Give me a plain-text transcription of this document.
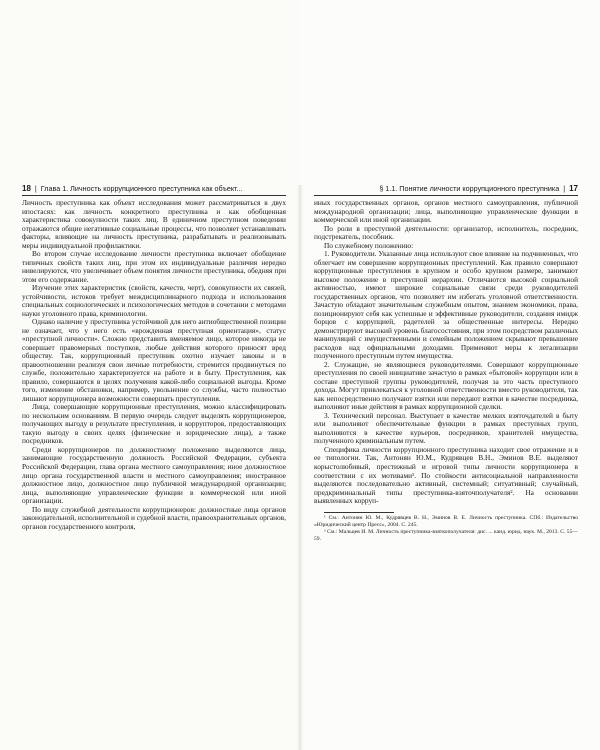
18 | Глава 1. Личность коррупционного преступника как объект...

Личность преступника как объект исследования может рассматриваться в двух ипостасях: как личность конкретного преступника и как обобщенная характеристика совокупности таких лиц. В единичном преступном поведении отражаются общие негативные социальные процессы, что позволяет устанавливать факторы, влияющие на личность преступника, разрабатывать и реализовывать меры индивидуальной профилактики.

Во втором случае исследование личности преступника включает обобщение типичных свойств таких лиц, при этом их индивидуальные различия нередко нивелируются, что увеличивает объем понятия личности преступника, обедняя при этом его содержание.

Изучение этих характеристик (свойств, качеств, черт), совокупности их связей, устойчивости, истоков требует междисциплинарного подхода и использования специальных социологических и психологических методов в сочетании с методами науки уголовного права, криминологии.

Однако наличие у преступника устойчивой для него антиобщественной позиции не означает, что у него есть «врожденная преступная ориентация», статус «преступной личности». Сложно представить вменяемое лицо, которое никогда не совершает правомерных поступков, любые действия которого приносят вред обществу. Так, коррупционный преступник охотно изучает законы и в правоотношении реализуя свои личные потребности, стремится продвинуться по службе, положительно характеризуется на работе и в быту. Преступления, как правило, совершаются в целях получения какой-либо социальной выгоды. Кроме того, изменение обстановки, например, увольнение со службы, часто полностью лишают коррупционера возможности совершать преступления.

Лица, совершающие коррупционные преступления, можно классифицировать по нескольким основаниям. В первую очередь следует выделять коррупционеров, получающих выгоду в результате преступления, и коррупторов, предоставляющих такую выгоду в своих целях (физические и юридические лица), а также посредников.

Среди коррупционеров по должностному положению выделяются лица, занимающие государственную должность Российской Федерации, субъекта Российской Федерации, глава органа местного самоуправления; иное должностное лицо органа государственной власти и местного самоуправления; иностранное должностное лицо, должностное лицо публичной международной организации; лица, выполняющие управленческие функции в коммерческой или иной организации.

По виду служебной деятельности коррупционеров: должностные лица органов законодательной, исполнительной и судебной власти, правоохранительных органов, органов государственного контроля,

§ 1.1. Понятие личности коррупционного преступника | 17

иных государственных органов, органов местного самоуправления, публичной международной организации; лица, выполняющие управленческие функции в коммерческой или иной организации.

По роли в преступной деятельности: организатор, исполнитель, посредник, подстрекатель, пособник.

По служебному положению:

1. Руководители. Указанные лица используют свое влияние на подчиненных, что облегчает им совершение коррупционных преступлений. Как правило совершают коррупционные преступления в крупном и особо крупном размере, занимают высокое положение в преступной иерархии. Отличаются высокой социальной активностью, имеют широкие социальные связи среди руководителей государственных органов, что позволяет им избегать уголовной ответственности. Зачастую обладают значительным служебным опытом, знанием экономики, права, позиционируют себя как успешные и эффективные руководители, создания имидж борцов с коррупцией, радетелей за общественные интересы. Нередко демонстрируют высокий уровень благосостояния, при этом посредством различных манипуляций с имущественными и семейным положением скрывают превышение расходов над официальными доходами. Применяют меры к легализации полученного преступным путем имущества.

2. Служащие, не являющиеся руководителями. Совершают коррупционные преступления по своей инициативе зачастую в рамках «бытовой» коррупции или в составе преступной группы руководителей, получая за это часть преступного дохода. Могут привлекаться к уголовной ответственности вместо руководителя, так как непосредственно получают взятки или передают взятки в качестве посредника, выполняют иные действия в рамках коррупционной сделки.

3. Технический персонал. Выступает в качестве мелких взяточдателей в быту или выполняют обеспечительные функции в рамках преступных групп, выполняются в качестве курьеров, посредников, хранителей имущества, полученного криминальным путем.

Специфика личности коррупционного преступника находит свое отражение и в ее типологии. Так, Антонян Ю.М., Кудрявцев В.Н., Эминов В.Е. выделяют корыстолюбивый, престижный и игровой типы личности коррупционера в соответствии с их мотивами¹. По стойкости антисоциальной направленности выделяются последовательно активный, системный; ситуативный; случайный, предкриминальный типы преступника-взяточполучателя². На основании выявленных корруп-

¹ См.: Антонян Ю. М., Кудрявцев В. Н., Эминов В. Е. Личность преступника. СПб.: Издательство «Юридический центр Пресс», 2004. С. 245.

² См.: Мальцев И. М. Личность преступника-взяткополучателя: дис. ... канд. юрид. наук. М., 2013. С. 55—59.
